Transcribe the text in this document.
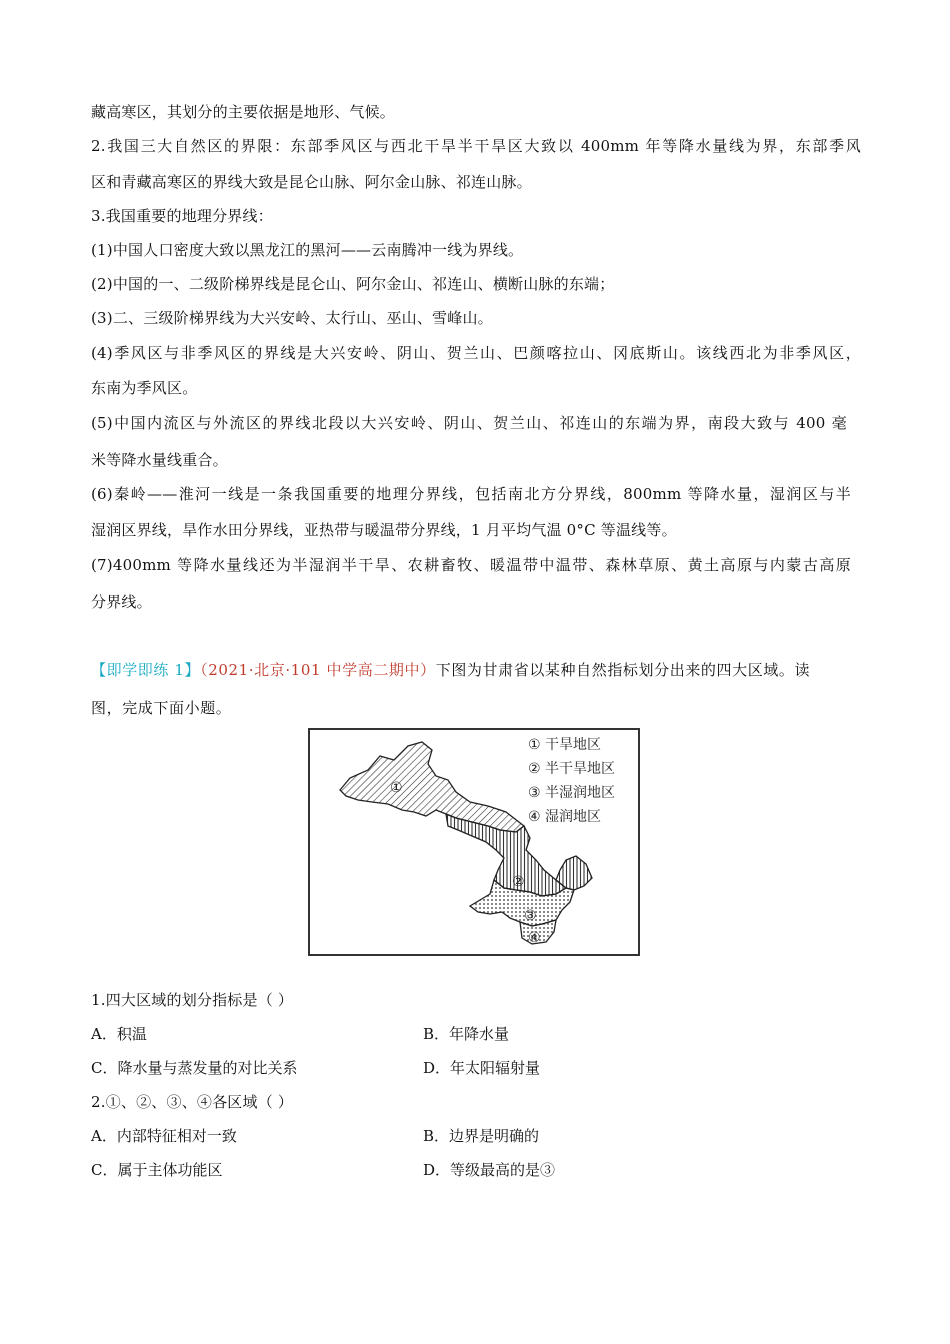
藏高寒区，其划分的主要依据是地形、气候。
2.我国三大自然区的界限：东部季风区与西北干旱半干旱区大致以 400mm 年等降水量线为界，东部季风
区和青藏高寒区的界线大致是昆仑山脉、阿尔金山脉、祁连山脉。
3.我国重要的地理分界线：
(1)中国人口密度大致以黑龙江的黑河——云南腾冲一线为界线。
(2)中国的一、二级阶梯界线是昆仑山、阿尔金山、祁连山、横断山脉的东端；
(3)二、三级阶梯界线为大兴安岭、太行山、巫山、雪峰山。
(4)季风区与非季风区的界线是大兴安岭、阴山、贺兰山、巴颜喀拉山、冈底斯山。该线西北为非季风区，
东南为季风区。
(5)中国内流区与外流区的界线北段以大兴安岭、阴山、贺兰山、祁连山的东端为界，南段大致与 400 毫
米等降水量线重合。
(6)秦岭——淮河一线是一条我国重要的地理分界线，包括南北方分界线，800mm 等降水量，湿润区与半
湿润区界线，旱作水田分界线，亚热带与暖温带分界线，1 月平均气温 0°C 等温线等。
(7)400mm 等降水量线还为半湿润半干旱、农耕畜牧、暖温带中温带、森林草原、黄土高原与内蒙古高原
分界线。
【即学即练 1】（2021·北京·101 中学高二期中）下图为甘肃省以某种自然指标划分出来的四大区域。读
图，完成下面小题。
①
②
③
④
① 干旱地区
② 半干旱地区
③ 半湿润地区
④ 湿润地区
1.四大区域的划分指标是（ ）
A．积温	B．年降水量
C．降水量与蒸发量的对比关系	D．年太阳辐射量
2.①、②、③、④各区域（ ）
A．内部特征相对一致	B．边界是明确的
C．属于主体功能区	D．等级最高的是③
